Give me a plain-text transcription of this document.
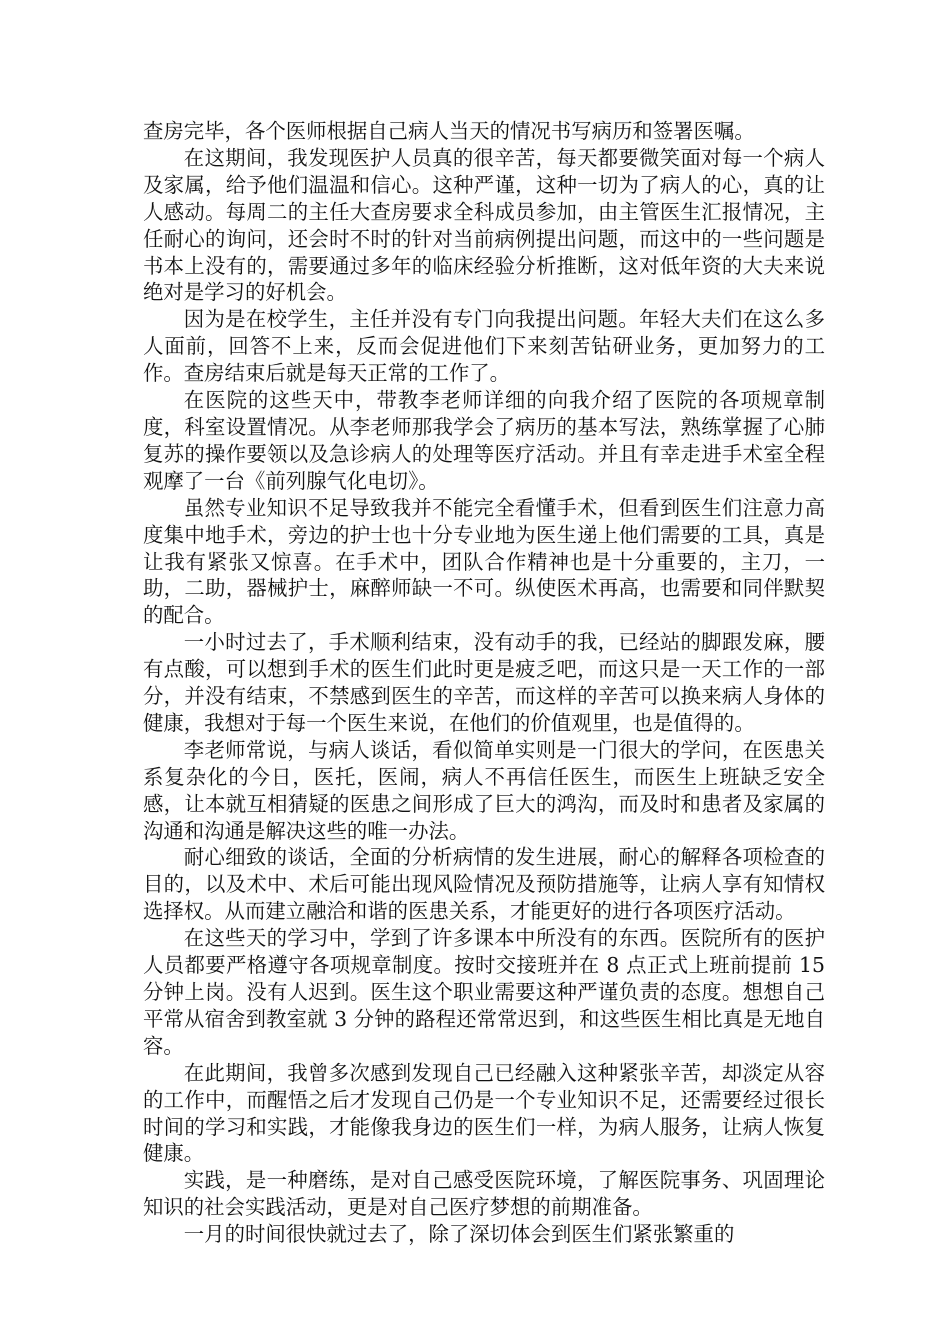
查房完毕，各个医师根据自己病人当天的情况书写病历和签署医嘱。

在这期间，我发现医护人员真的很辛苦，每天都要微笑面对每一个病人及家属，给予他们温温和信心。这种严谨，这种一切为了病人的心，真的让人感动。每周二的主任大查房要求全科成员参加，由主管医生汇报情况，主任耐心的询问，还会时不时的针对当前病例提出问题，而这中的一些问题是书本上没有的，需要通过多年的临床经验分析推断，这对低年资的大夫来说绝对是学习的好机会。

因为是在校学生，主任并没有专门向我提出问题。年轻大夫们在这么多人面前，回答不上来，反而会促进他们下来刻苦钻研业务，更加努力的工作。查房结束后就是每天正常的工作了。

在医院的这些天中，带教李老师详细的向我介绍了医院的各项规章制度，科室设置情况。从李老师那我学会了病历的基本写法，熟练掌握了心肺复苏的操作要领以及急诊病人的处理等医疗活动。并且有幸走进手术室全程观摩了一台《前列腺气化电切》。

虽然专业知识不足导致我并不能完全看懂手术，但看到医生们注意力高度集中地手术，旁边的护士也十分专业地为医生递上他们需要的工具，真是让我有紧张又惊喜。在手术中，团队合作精神也是十分重要的，主刀，一助，二助，器械护士，麻醉师缺一不可。纵使医术再高，也需要和同伴默契的配合。

一小时过去了，手术顺利结束，没有动手的我，已经站的脚跟发麻，腰有点酸，可以想到手术的医生们此时更是疲乏吧，而这只是一天工作的一部分，并没有结束，不禁感到医生的辛苦，而这样的辛苦可以换来病人身体的健康，我想对于每一个医生来说，在他们的价值观里，也是值得的。

李老师常说，与病人谈话，看似简单实则是一门很大的学问，在医患关系复杂化的今日，医托，医闹，病人不再信任医生，而医生上班缺乏安全感，让本就互相猜疑的医患之间形成了巨大的鸿沟，而及时和患者及家属的沟通和沟通是解决这些的唯一办法。

耐心细致的谈话，全面的分析病情的发生进展，耐心的解释各项检查的目的，以及术中、术后可能出现风险情况及预防措施等，让病人享有知情权选择权。从而建立融洽和谐的医患关系，才能更好的进行各项医疗活动。

在这些天的学习中，学到了许多课本中所没有的东西。医院所有的医护人员都要严格遵守各项规章制度。按时交接班并在 8 点正式上班前提前 15 分钟上岗。没有人迟到。医生这个职业需要这种严谨负责的态度。想想自己平常从宿舍到教室就 3 分钟的路程还常常迟到，和这些医生相比真是无地自容。

在此期间，我曾多次感到发现自己已经融入这种紧张辛苦，却淡定从容的工作中，而醒悟之后才发现自己仍是一个专业知识不足，还需要经过很长时间的学习和实践，才能像我身边的医生们一样，为病人服务，让病人恢复健康。

实践，是一种磨练，是对自己感受医院环境，了解医院事务、巩固理论知识的社会实践活动，更是对自己医疗梦想的前期准备。

一月的时间很快就过去了，除了深切体会到医生们紧张繁重的
